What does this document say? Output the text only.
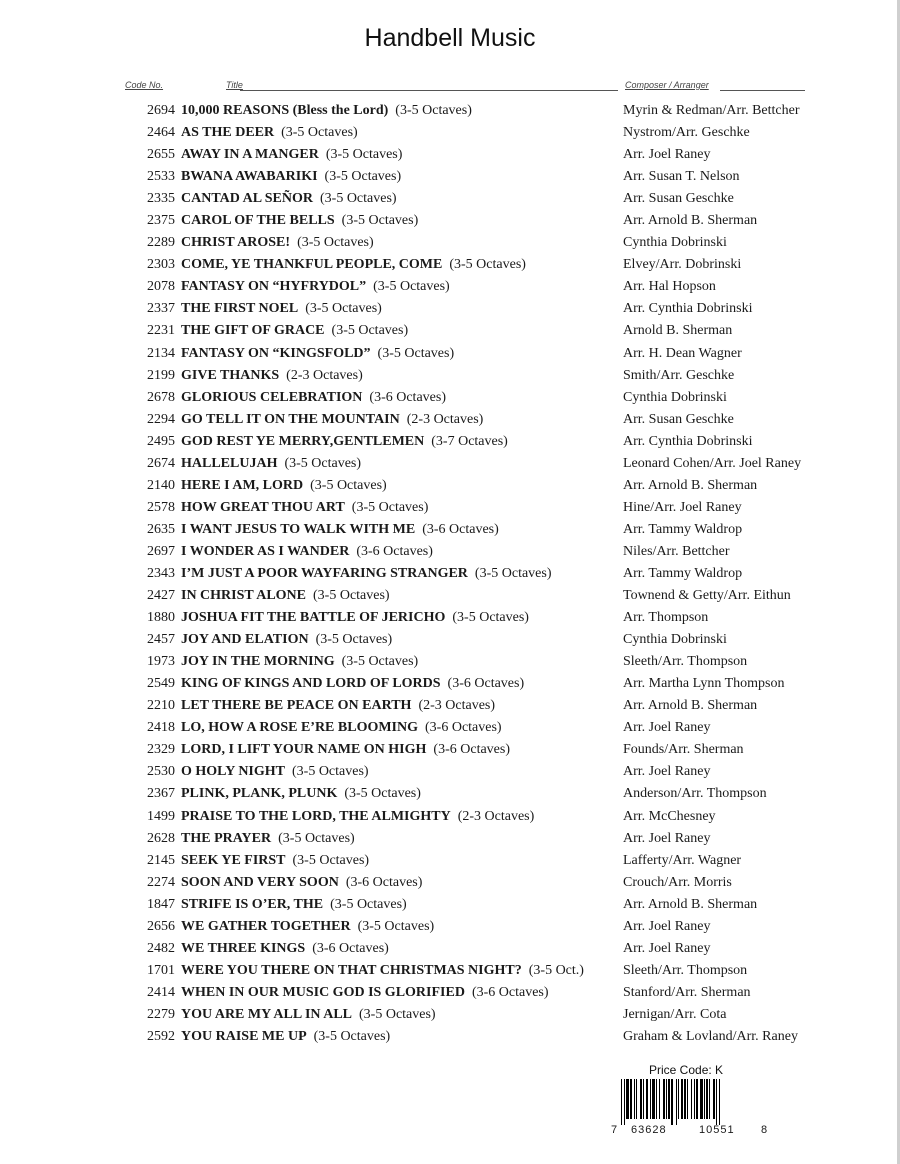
Handbell Music
Code No.	Title	Composer / Arranger
2694 10,000 REASONS (Bless the Lord) (3-5 Octaves)	Myrin & Redman/Arr. Bettcher
2464 AS THE DEER (3-5 Octaves)	Nystrom/Arr. Geschke
2655 AWAY IN A MANGER (3-5 Octaves)	Arr. Joel Raney
2533 BWANA AWABARIKI (3-5 Octaves)	Arr. Susan T. Nelson
2335 CANTAD AL SEÑOR (3-5 Octaves)	Arr. Susan Geschke
2375 CAROL OF THE BELLS (3-5 Octaves)	Arr. Arnold B. Sherman
2289 CHRIST AROSE! (3-5 Octaves)	Cynthia Dobrinski
2303 COME, YE THANKFUL PEOPLE, COME (3-5 Octaves)	Elvey/Arr. Dobrinski
2078 FANTASY ON “HYFRYDOL” (3-5 Octaves)	Arr. Hal Hopson
2337 THE FIRST NOEL (3-5 Octaves)	Arr. Cynthia Dobrinski
2231 THE GIFT OF GRACE (3-5 Octaves)	Arnold B. Sherman
2134 FANTASY ON “KINGSFOLD” (3-5 Octaves)	Arr. H. Dean Wagner
2199 GIVE THANKS (2-3 Octaves)	Smith/Arr. Geschke
2678 GLORIOUS CELEBRATION (3-6 Octaves)	Cynthia Dobrinski
2294 GO TELL IT ON THE MOUNTAIN (2-3 Octaves)	Arr. Susan Geschke
2495 GOD REST YE MERRY,GENTLEMEN (3-7 Octaves)	Arr. Cynthia Dobrinski
2674 HALLELUJAH (3-5 Octaves)	Leonard Cohen/Arr. Joel Raney
2140 HERE I AM, LORD (3-5 Octaves)	Arr. Arnold B. Sherman
2578 HOW GREAT THOU ART (3-5 Octaves)	Hine/Arr. Joel Raney
2635 I WANT JESUS TO WALK WITH ME (3-6 Octaves)	Arr. Tammy Waldrop
2697 I WONDER AS I WANDER (3-6 Octaves)	Niles/Arr. Bettcher
2343 I’M JUST A POOR WAYFARING STRANGER (3-5 Octaves)	Arr. Tammy Waldrop
2427 IN CHRIST ALONE (3-5 Octaves)	Townend & Getty/Arr. Eithun
1880 JOSHUA FIT THE BATTLE OF JERICHO (3-5 Octaves)	Arr. Thompson
2457 JOY AND ELATION (3-5 Octaves)	Cynthia Dobrinski
1973 JOY IN THE MORNING (3-5 Octaves)	Sleeth/Arr. Thompson
2549 KING OF KINGS AND LORD OF LORDS (3-6 Octaves)	Arr. Martha Lynn Thompson
2210 LET THERE BE PEACE ON EARTH (2-3 Octaves)	Arr. Arnold B. Sherman
2418 LO, HOW A ROSE E’RE BLOOMING (3-6 Octaves)	Arr. Joel Raney
2329 LORD, I LIFT YOUR NAME ON HIGH (3-6 Octaves)	Founds/Arr. Sherman
2530 O HOLY NIGHT (3-5 Octaves)	Arr. Joel Raney
2367 PLINK, PLANK, PLUNK (3-5 Octaves)	Anderson/Arr. Thompson
1499 PRAISE TO THE LORD, THE ALMIGHTY (2-3 Octaves)	Arr. McChesney
2628 THE PRAYER (3-5 Octaves)	Arr. Joel Raney
2145 SEEK YE FIRST (3-5 Octaves)	Lafferty/Arr. Wagner
2274 SOON AND VERY SOON (3-6 Octaves)	Crouch/Arr. Morris
1847 STRIFE IS O’ER, THE (3-5 Octaves)	Arr. Arnold B. Sherman
2656 WE GATHER TOGETHER (3-5 Octaves)	Arr. Joel Raney
2482 WE THREE KINGS (3-6 Octaves)	Arr. Joel Raney
1701 WERE YOU THERE ON THAT CHRISTMAS NIGHT? (3-5 Oct.)	Sleeth/Arr. Thompson
2414 WHEN IN OUR MUSIC GOD IS GLORIFIED (3-6 Octaves)	Stanford/Arr. Sherman
2279 YOU ARE MY ALL IN ALL (3-5 Octaves)	Jernigan/Arr. Cota
2592 YOU RAISE ME UP (3-5 Octaves)	Graham & Lovland/Arr. Raney
Price Code: K
7 63628	10551 8
